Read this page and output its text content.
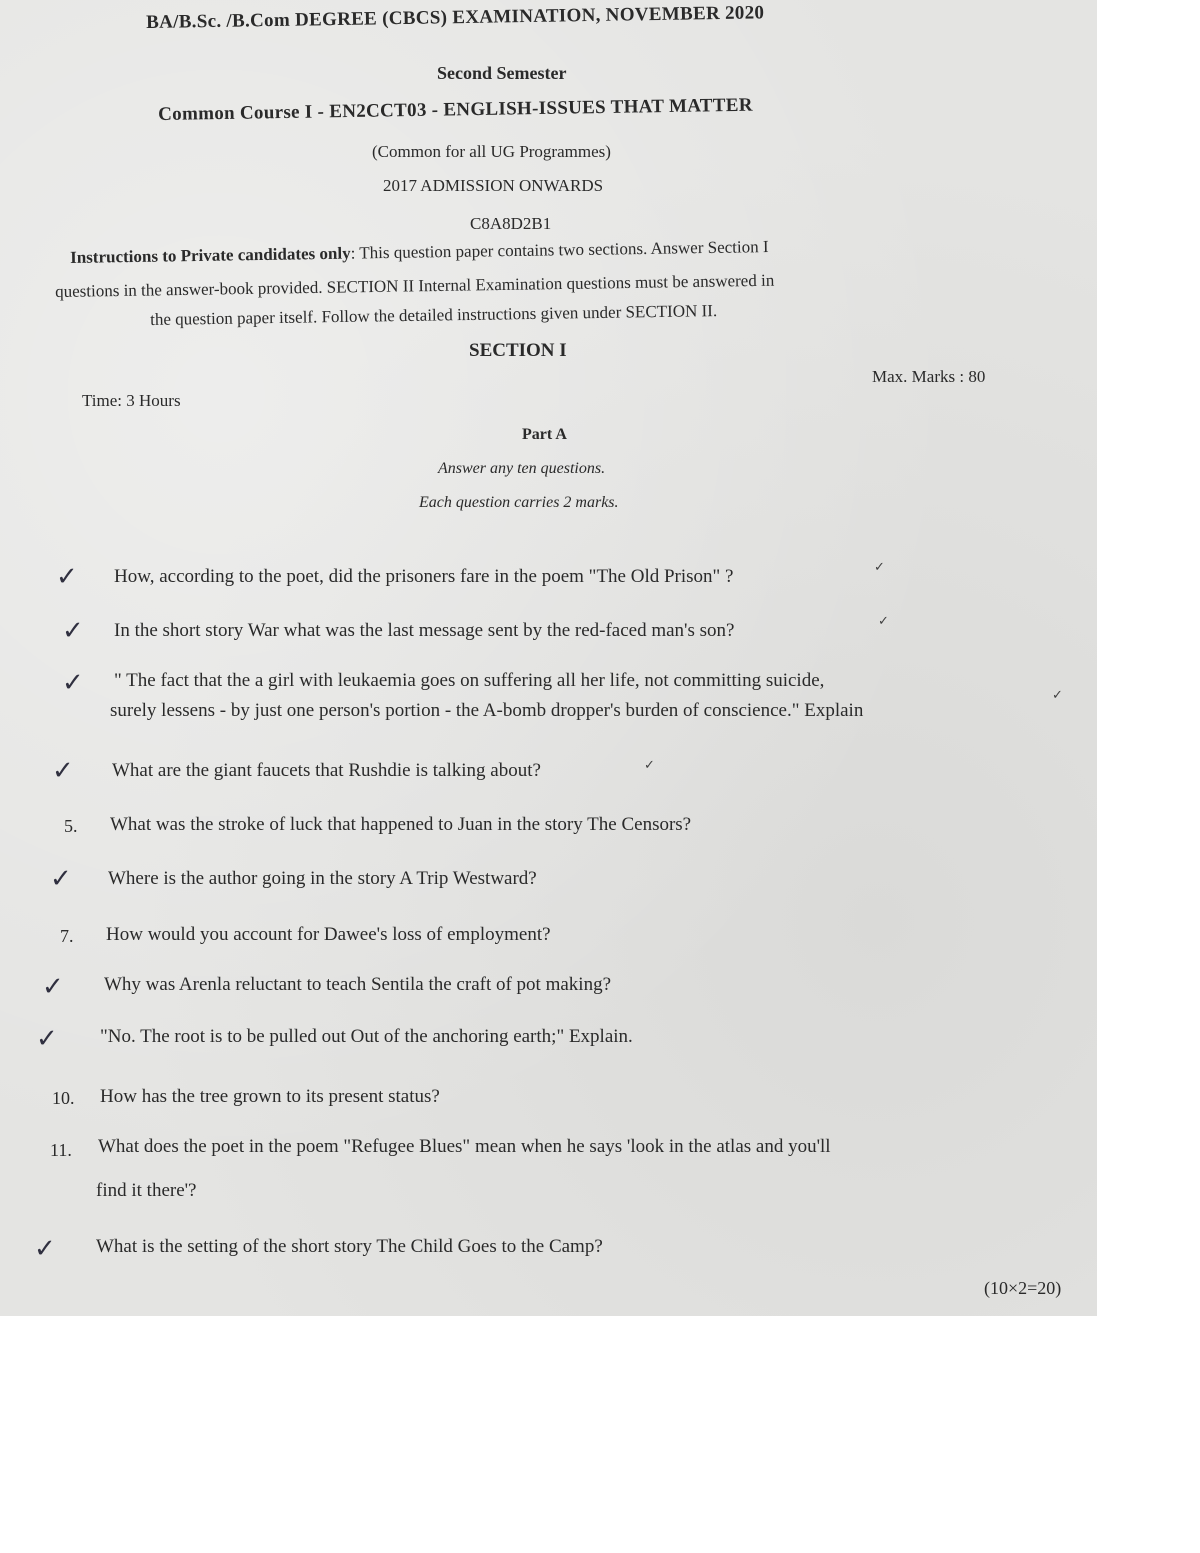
BA/B.Sc. /B.Com DEGREE (CBCS) EXAMINATION, NOVEMBER 2020
Second Semester
Common Course I - EN2CCT03 - ENGLISH-ISSUES THAT MATTER
(Common for all UG Programmes)
2017 ADMISSION ONWARDS
C8A8D2B1
Instructions to Private candidates only: This question paper contains two sections. Answer Section I
questions in the answer-book provided. SECTION II Internal Examination questions must be answered in
the question paper itself. Follow the detailed instructions given under SECTION II.
SECTION I
Max. Marks : 80
Time: 3 Hours
Part A
Answer any ten questions.
Each question carries 2 marks.
✓ How, according to the poet, did the prisoners fare in the poem "The Old Prison" ?	✓
✓ In the short story War what was the last message sent by the red-faced man's son?	✓
✓ " The fact that the a girl with leukaemia goes on suffering all her life, not committing suicide,
surely lessens - by just one person's portion - the A-bomb dropper's burden of conscience." Explain
✓
✓ What are the giant faucets that Rushdie is talking about?	✓
5. What was the stroke of luck that happened to Juan in the story The Censors?
✓ Where is the author going in the story A Trip Westward?
7. How would you account for Dawee's loss of employment?
✓ Why was Arenla reluctant to teach Sentila the craft of pot making?
✓ "No. The root is to be pulled out Out of the anchoring earth;" Explain.
10. How has the tree grown to its present status?
11. What does the poet in the poem "Refugee Blues" mean when he says 'look in the atlas and you'll
find it there'?
✓ What is the setting of the short story The Child Goes to the Camp?
(10×2=20)
